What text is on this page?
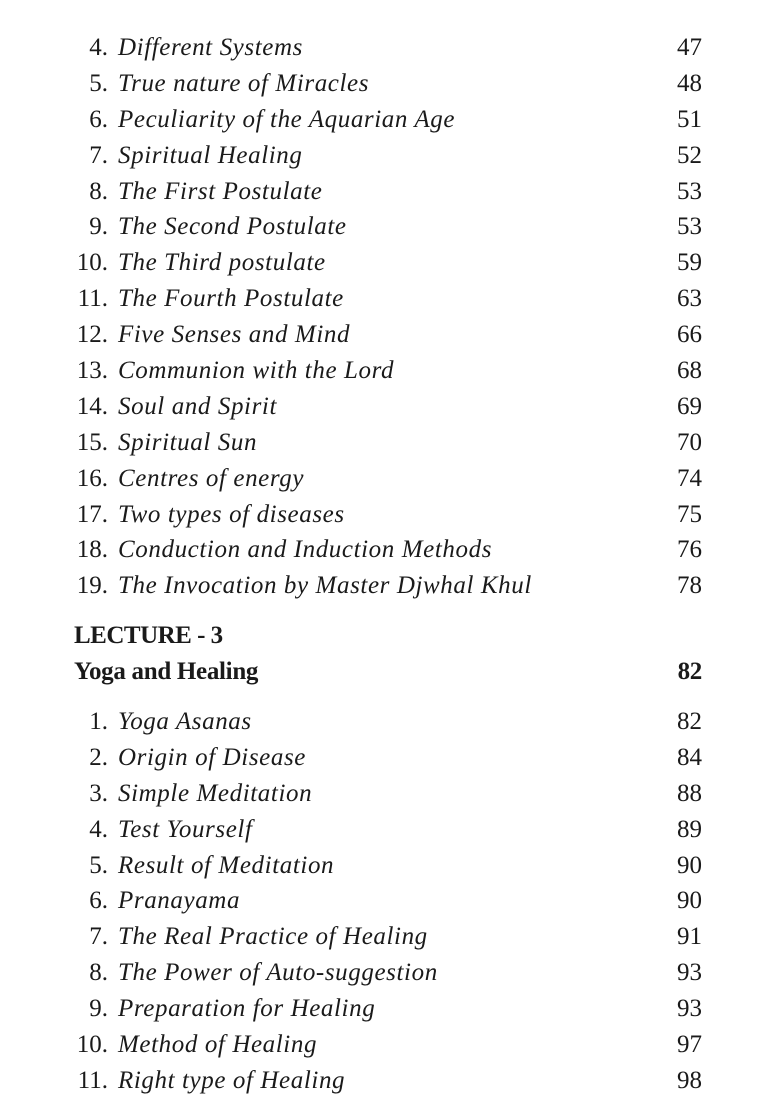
4. Different Systems	47
5. True nature of Miracles	48
6. Peculiarity of the Aquarian Age	51
7. Spiritual Healing	52
8. The First Postulate	53
9. The Second Postulate	53
10. The Third postulate	59
11. The Fourth Postulate	63
12. Five Senses and Mind	66
13. Communion with the Lord	68
14. Soul and Spirit	69
15. Spiritual Sun	70
16. Centres of energy	74
17. Two types of diseases	75
18. Conduction and Induction Methods	76
19. The Invocation by Master Djwhal Khul	78
LECTURE - 3
Yoga and Healing	82
1. Yoga Asanas	82
2. Origin of Disease	84
3. Simple Meditation	88
4. Test Yourself	89
5. Result of Meditation	90
6. Pranayama	90
7. The Real Practice of Healing	91
8. The Power of Auto-suggestion	93
9. Preparation for Healing	93
10. Method of Healing	97
11. Right type of Healing	98
